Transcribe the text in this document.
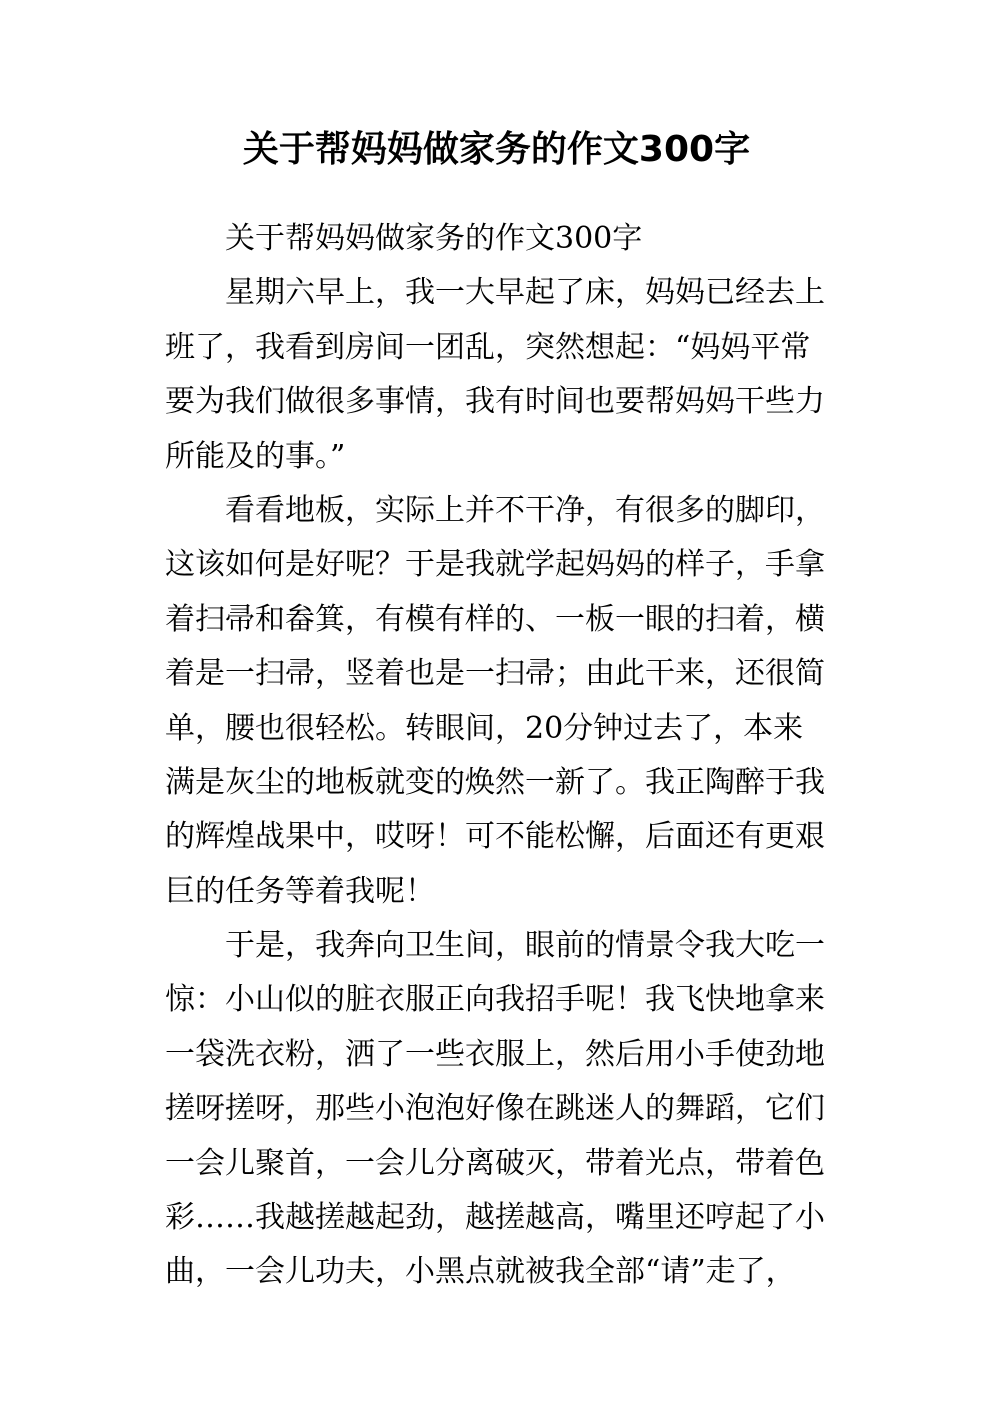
关于帮妈妈做家务的作文300字
关于帮妈妈做家务的作文300字
星期六早上，我一大早起了床，妈妈已经去上
班了，我看到房间一团乱，突然想起：“妈妈平常
要为我们做很多事情，我有时间也要帮妈妈干些力
所能及的事。”
看看地板，实际上并不干净，有很多的脚印，
这该如何是好呢？于是我就学起妈妈的样子，手拿
着扫帚和畚箕，有模有样的、一板一眼的扫着，横
着是一扫帚，竖着也是一扫帚；由此干来，还很简
单，腰也很轻松。转眼间，20分钟过去了，本来
满是灰尘的地板就变的焕然一新了。我正陶醉于我
的辉煌战果中，哎呀！可不能松懈，后面还有更艰
巨的任务等着我呢！
于是，我奔向卫生间，眼前的情景令我大吃一
惊：小山似的脏衣服正向我招手呢！我飞快地拿来
一袋洗衣粉，洒了一些衣服上，然后用小手使劲地
搓呀搓呀，那些小泡泡好像在跳迷人的舞蹈，它们
一会儿聚首，一会儿分离破灭，带着光点，带着色
彩……我越搓越起劲，越搓越高，嘴里还哼起了小
曲，一会儿功夫，小黑点就被我全部“请”走了，
